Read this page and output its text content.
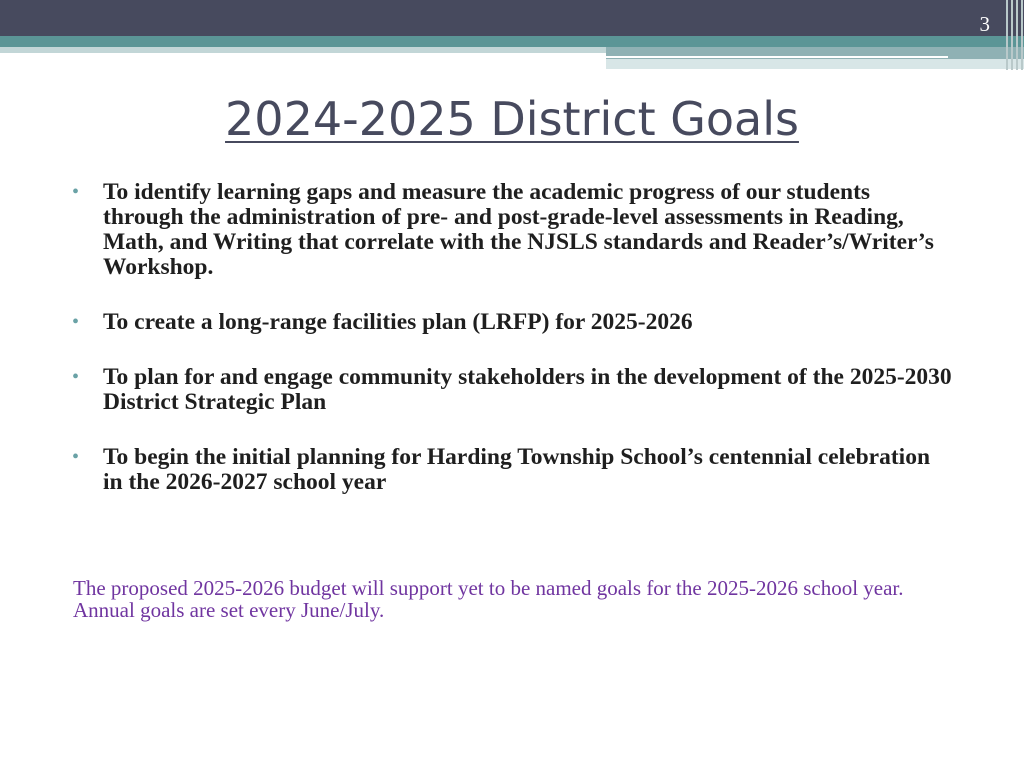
3
2024-2025 District Goals
• To identify learning gaps and measure the academic progress of our students through the administration of pre- and post-grade-level assessments in Reading, Math, and Writing that correlate with the NJSLS standards and Reader’s/Writer’s Workshop.
• To create a long-range facilities plan (LRFP) for 2025-2026
• To plan for and engage community stakeholders in the development of the 2025-2030 District Strategic Plan
• To begin the initial planning for Harding Township School’s centennial celebration in the 2026-2027 school year
The proposed 2025-2026 budget will support yet to be named goals for the 2025-2026 school year. Annual goals are set every June/July.
